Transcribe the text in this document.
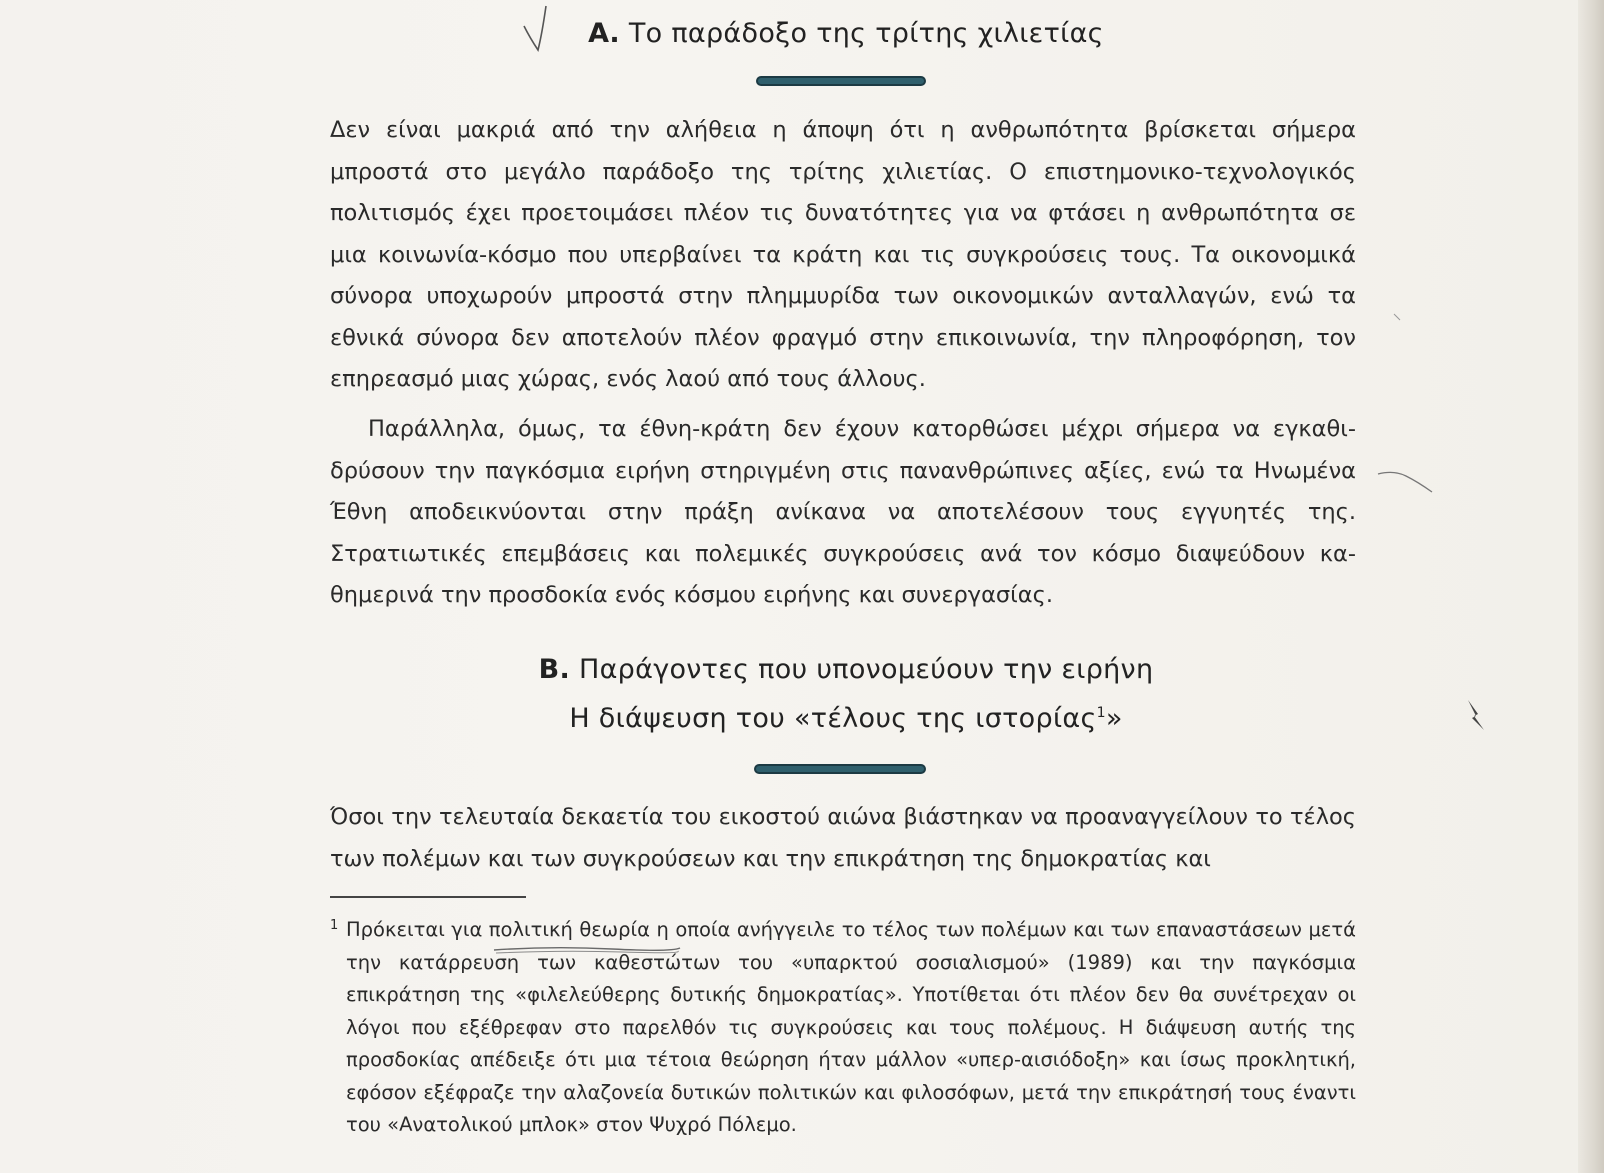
Α. Το παράδοξο της τρίτης χιλιετίας

Δεν είναι μακριά από την αλήθεια η άποψη ότι η ανθρωπότητα βρίσκεται σήμερα μπροστά στο μεγάλο παράδοξο της τρίτης χιλιετίας. Ο επιστημονικο-τεχνολογικός πολιτισμός έχει προετοιμάσει πλέον τις δυνατότητες για να φτάσει η ανθρωπότητα σε μια κοινωνία-κόσμο που υπερβαίνει τα κράτη και τις συγκρούσεις τους. Τα οικονομικά σύνορα υποχωρούν μπροστά στην πλημμυρίδα των οικονομικών ανταλλαγών, ενώ τα εθνικά σύνορα δεν αποτελούν πλέον φραγμό στην επικοινωνία, την πληροφόρηση, τον επηρεασμό μιας χώρας, ενός λαού από τους άλλους.

Παράλληλα, όμως, τα έθνη-κράτη δεν έχουν κατορθώσει μέχρι σήμερα να εγκαθιδρύσουν την παγκόσμια ειρήνη στηριγμένη στις πανανθρώπινες αξίες, ενώ τα Ηνωμένα Έθνη αποδεικνύονται στην πράξη ανίκανα να αποτελέσουν τους εγγυητές της. Στρατιωτικές επεμβάσεις και πολεμικές συγκρούσεις ανά τον κόσμο διαψεύδουν καθημερινά την προσδοκία ενός κόσμου ειρήνης και συνεργασίας.

Β. Παράγοντες που υπονομεύουν την ειρήνη
Η διάψευση του «τέλους της ιστορίας$^1$»

Όσοι την τελευταία δεκαετία του εικοστού αιώνα βιάστηκαν να προαναγγείλουν το τέλος των πολέμων και των συγκρούσεων και την επικράτηση της δημοκρατίας και

1 Πρόκειται για πολιτική θεωρία η οποία ανήγγειλε το τέλος των πολέμων και των επαναστάσεων μετά την κατάρρευση των καθεστώτων του «υπαρκτού σοσιαλισμού» (1989) και την παγκόσμια επικράτηση της «φιλελεύθερης δυτικής δημοκρατίας». Υποτίθεται ότι πλέον δεν θα συνέτρεχαν οι λόγοι που εξέθρεφαν στο παρελθόν τις συγκρούσεις και τους πολέμους. Η διάψευση αυτής της προσδοκίας απέδειξε ότι μια τέτοια θεώρηση ήταν μάλλον «υπερ-αισιόδοξη» και ίσως προκλητική, εφόσον εξέφραζε την αλαζονεία δυτικών πολιτικών και φιλοσόφων, μετά την επικράτησή τους έναντι του «Ανατολικού μπλοκ» στον Ψυχρό Πόλεμο.
